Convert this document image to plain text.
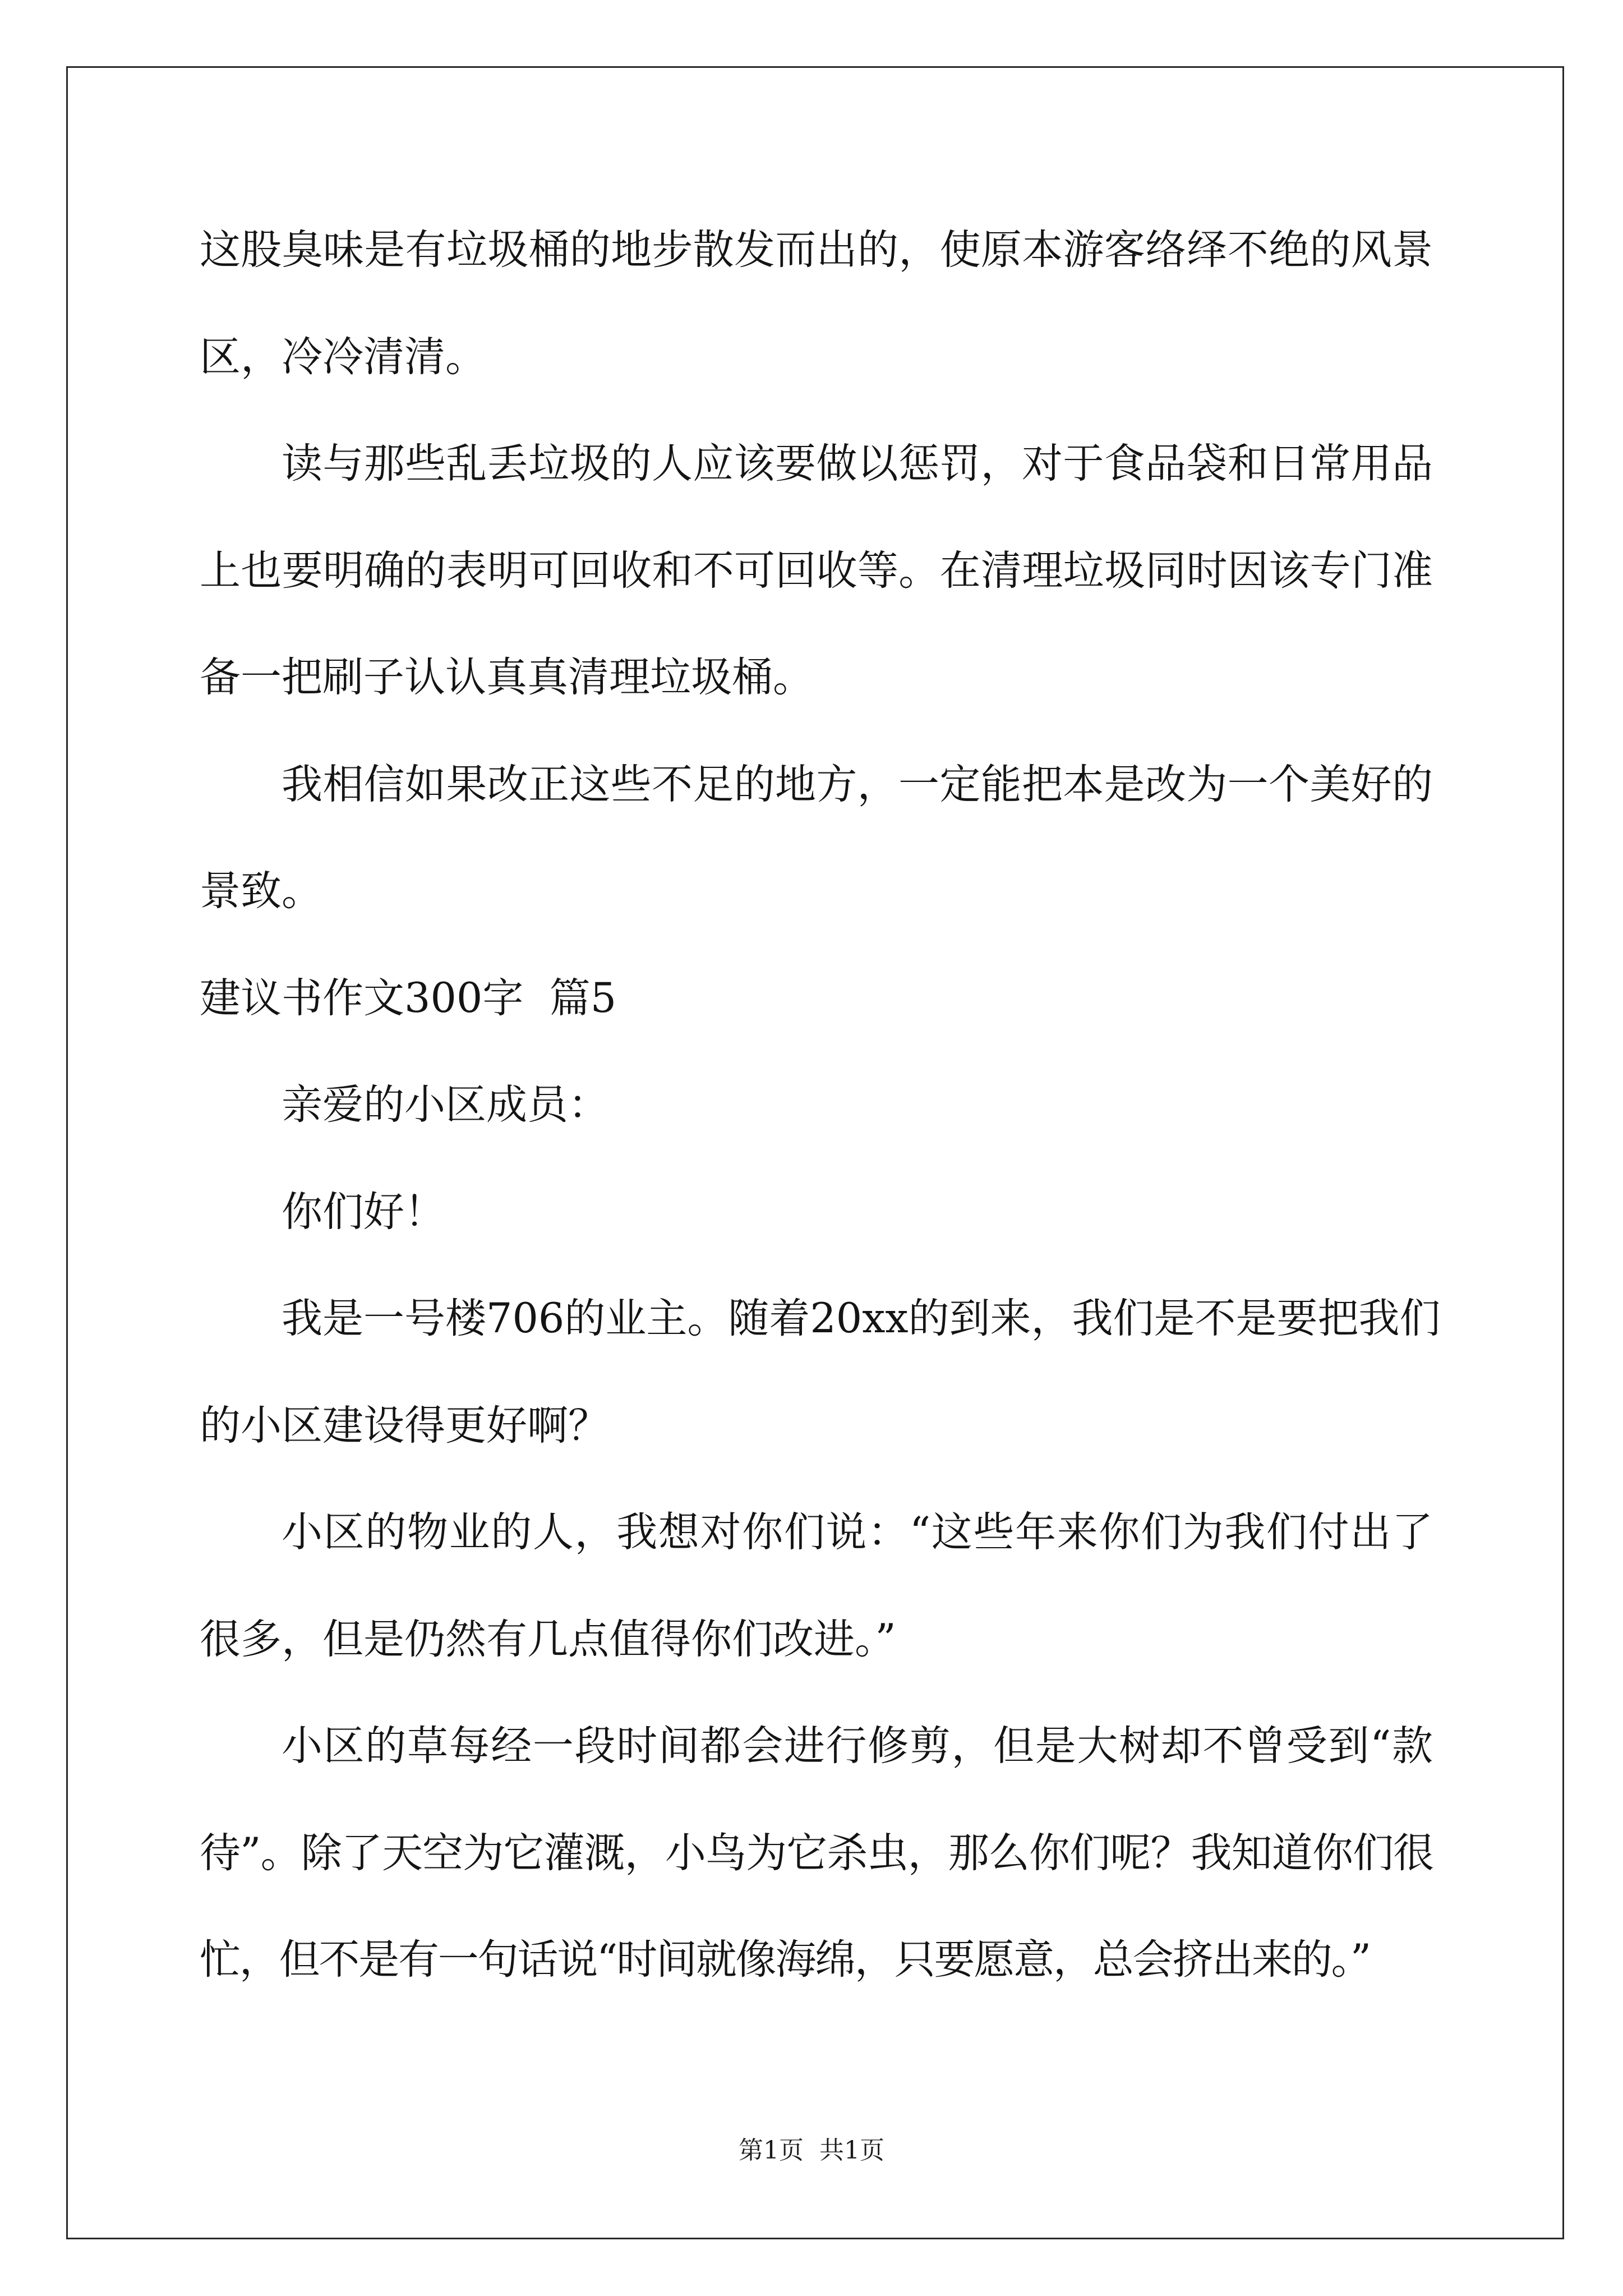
这股臭味是有垃圾桶的地步散发而出的，使原本游客络绎不绝的风景
区，冷冷清清。
读与那些乱丢垃圾的人应该要做以惩罚，对于食品袋和日常用品
上也要明确的表明可回收和不可回收等。在清理垃圾同时因该专门准
备一把刷子认认真真清理垃圾桶。
我相信如果改正这些不足的地方，一定能把本是改为一个美好的
景致。
建议书作文300字  篇5
亲爱的小区成员：
你们好！
我是一号楼706的业主。随着20xx的到来，我们是不是要把我们
的小区建设得更好啊？
小区的物业的人，我想对你们说：“这些年来你们为我们付出了
很多，但是仍然有几点值得你们改进。”
小区的草每经一段时间都会进行修剪，但是大树却不曾受到“款
待”。除了天空为它灌溉，小鸟为它杀虫，那么你们呢？我知道你们很
忙，但不是有一句话说“时间就像海绵，只要愿意，总会挤出来的。”
第1页  共1页
